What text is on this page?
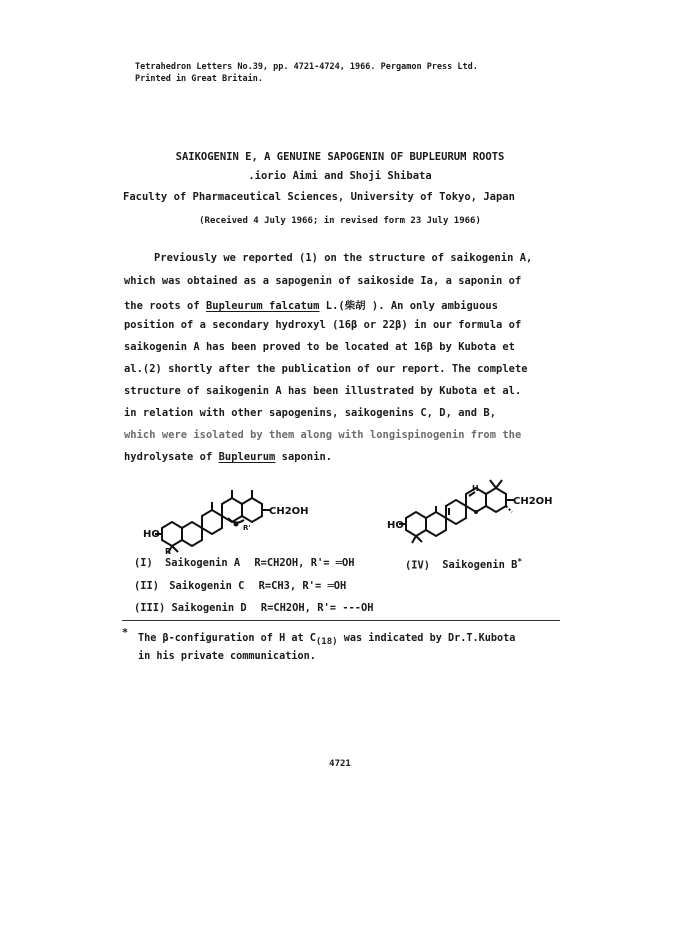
Tetrahedron Letters No.39, pp. 4721-4724, 1966. Pergamon Press Ltd.
Printed in Great Britain.
SAIKOGENIN E, A GENUINE SAPOGENIN OF BUPLEURUM ROOTS
.iorio Aimi and Shoji Shibata
Faculty of Pharmaceutical Sciences, University of Tokyo, Japan
(Received 4 July 1966; in revised form 23 July 1966)
Previously we reported (1) on the structure of saikogenin A,
which was obtained as a sapogenin of saikoside Ia, a saponin of
the roots of Bupleurum falcatum L.(柴胡 ). An only ambiguous
position of a secondary hydroxyl (16β or 22β) in our formula of
saikogenin A has been proved to be located at 16β by Kubota et
al.(2) shortly after the publication of our report. The complete
structure of saikogenin A has been illustrated by Kubota et al.
in relation with other sapogenins, saikogenins C, D, and B,
which were isolated by them along with longispinogenin from the
hydrolysate of Bupleurum saponin.
HO
CH2OH
R
R'	HO
CH2OH
H
(I) Saikogenin A R=CH2OH, R'= ═OH
(II) Saikogenin C R=CH3, R'= ═OH
(III) Saikogenin D R=CH2OH, R'= ---OH
(IV) Saikogenin B*
* The β-configuration of H at $C_{(18)}$ was indicated by Dr.T.Kubota
in his private communication.
4721
